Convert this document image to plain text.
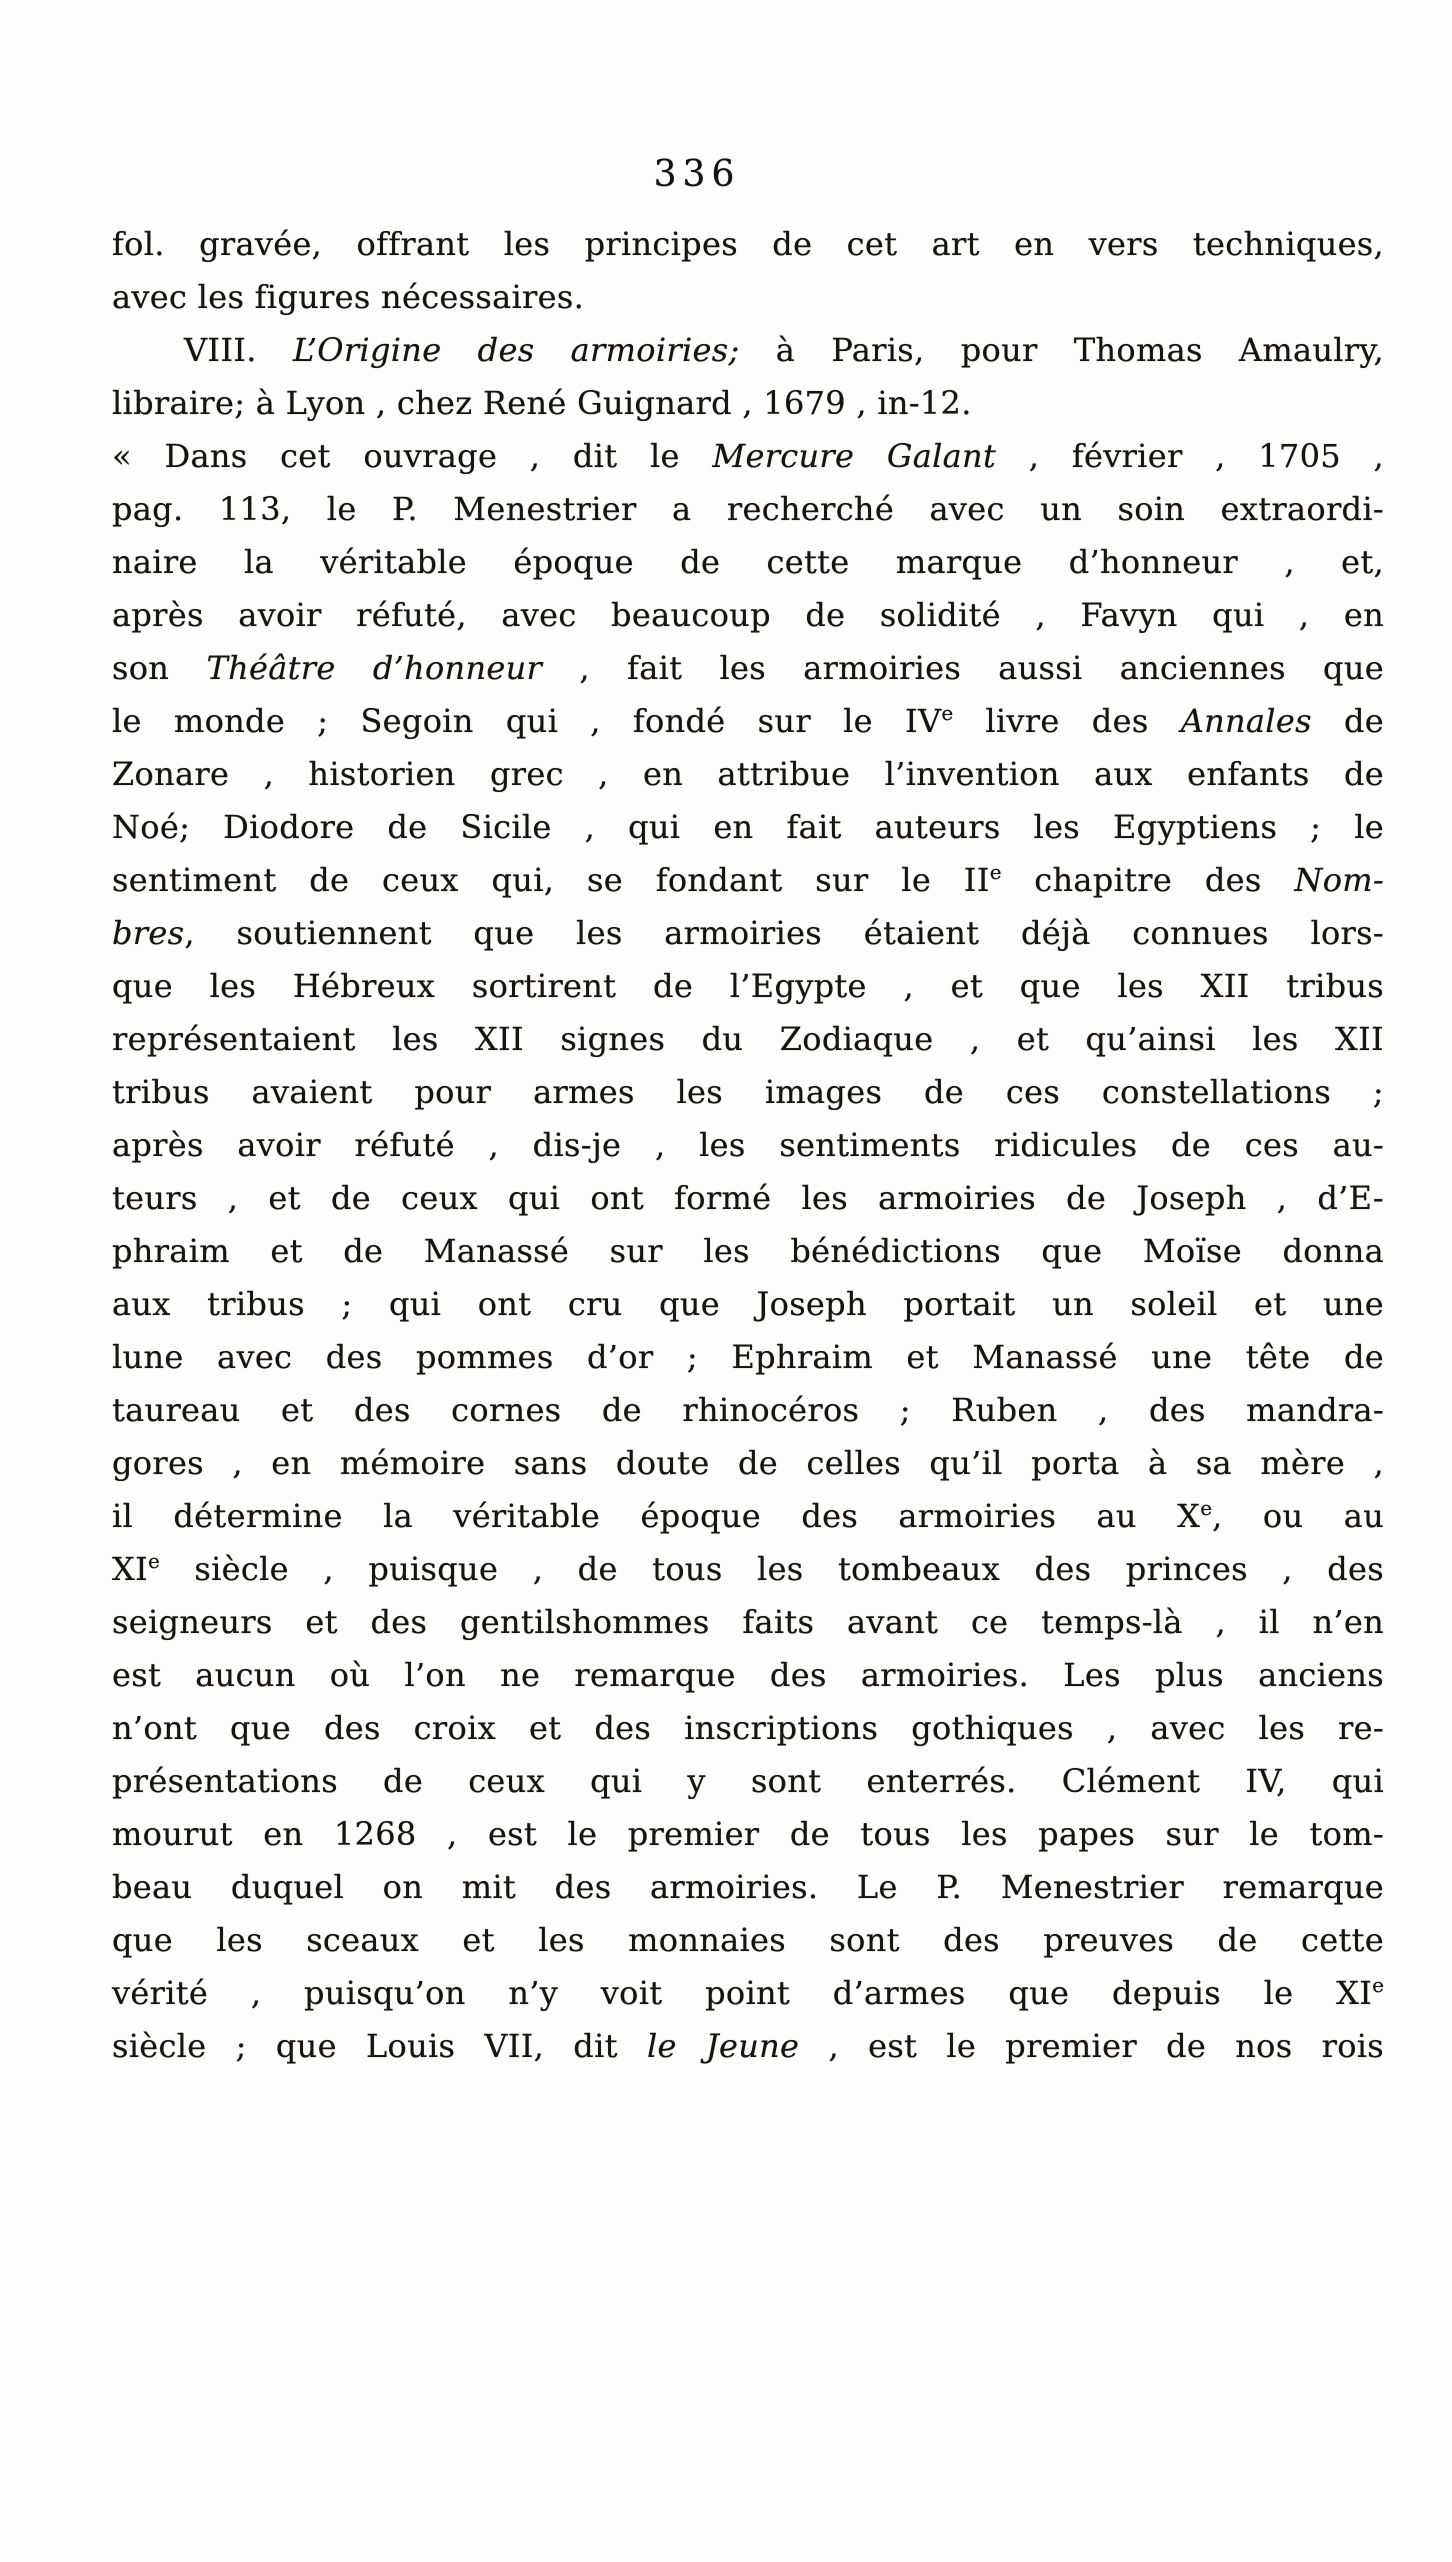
336
fol. gravée, offrant les principes de cet art en vers techniques,
avec les figures nécessaires.
VIII. L’Origine des armoiries; à Paris, pour Thomas Amaulry,
libraire; à Lyon , chez René Guignard , 1679 , in-12.
« Dans cet ouvrage , dit le Mercure Galant , février , 1705 ,
pag. 113, le P. Menestrier a recherché avec un soin extraordi-
naire la véritable époque de cette marque d’honneur , et,
après avoir réfuté, avec beaucoup de solidité , Favyn qui , en
son Théâtre d’honneur , fait les armoiries aussi anciennes que
le monde ; Segoin qui , fondé sur le IVe livre des Annales de
Zonare , historien grec , en attribue l’invention aux enfants de
Noé; Diodore de Sicile , qui en fait auteurs les Egyptiens ; le
sentiment de ceux qui, se fondant sur le IIe chapitre des Nom-
bres, soutiennent que les armoiries étaient déjà connues lors-
que les Hébreux sortirent de l’Egypte , et que les XII tribus
représentaient les XII signes du Zodiaque , et qu’ainsi les XII
tribus avaient pour armes les images de ces constellations ;
après avoir réfuté , dis-je , les sentiments ridicules de ces au-
teurs , et de ceux qui ont formé les armoiries de Joseph , d’E-
phraim et de Manassé sur les bénédictions que Moïse donna
aux tribus ; qui ont cru que Joseph portait un soleil et une
lune avec des pommes d’or ; Ephraim et Manassé une tête de
taureau et des cornes de rhinocéros ; Ruben , des mandra-
gores , en mémoire sans doute de celles qu’il porta à sa mère ,
il détermine la véritable époque des armoiries au Xe, ou au
XIe siècle , puisque , de tous les tombeaux des princes , des
seigneurs et des gentilshommes faits avant ce temps-là , il n’en
est aucun où l’on ne remarque des armoiries. Les plus anciens
n’ont que des croix et des inscriptions gothiques , avec les re-
présentations de ceux qui y sont enterrés. Clément IV, qui
mourut en 1268 , est le premier de tous les papes sur le tom-
beau duquel on mit des armoiries. Le P. Menestrier remarque
que les sceaux et les monnaies sont des preuves de cette
vérité , puisqu’on n’y voit point d’armes que depuis le XIe
siècle ; que Louis VII, dit le Jeune , est le premier de nos rois
